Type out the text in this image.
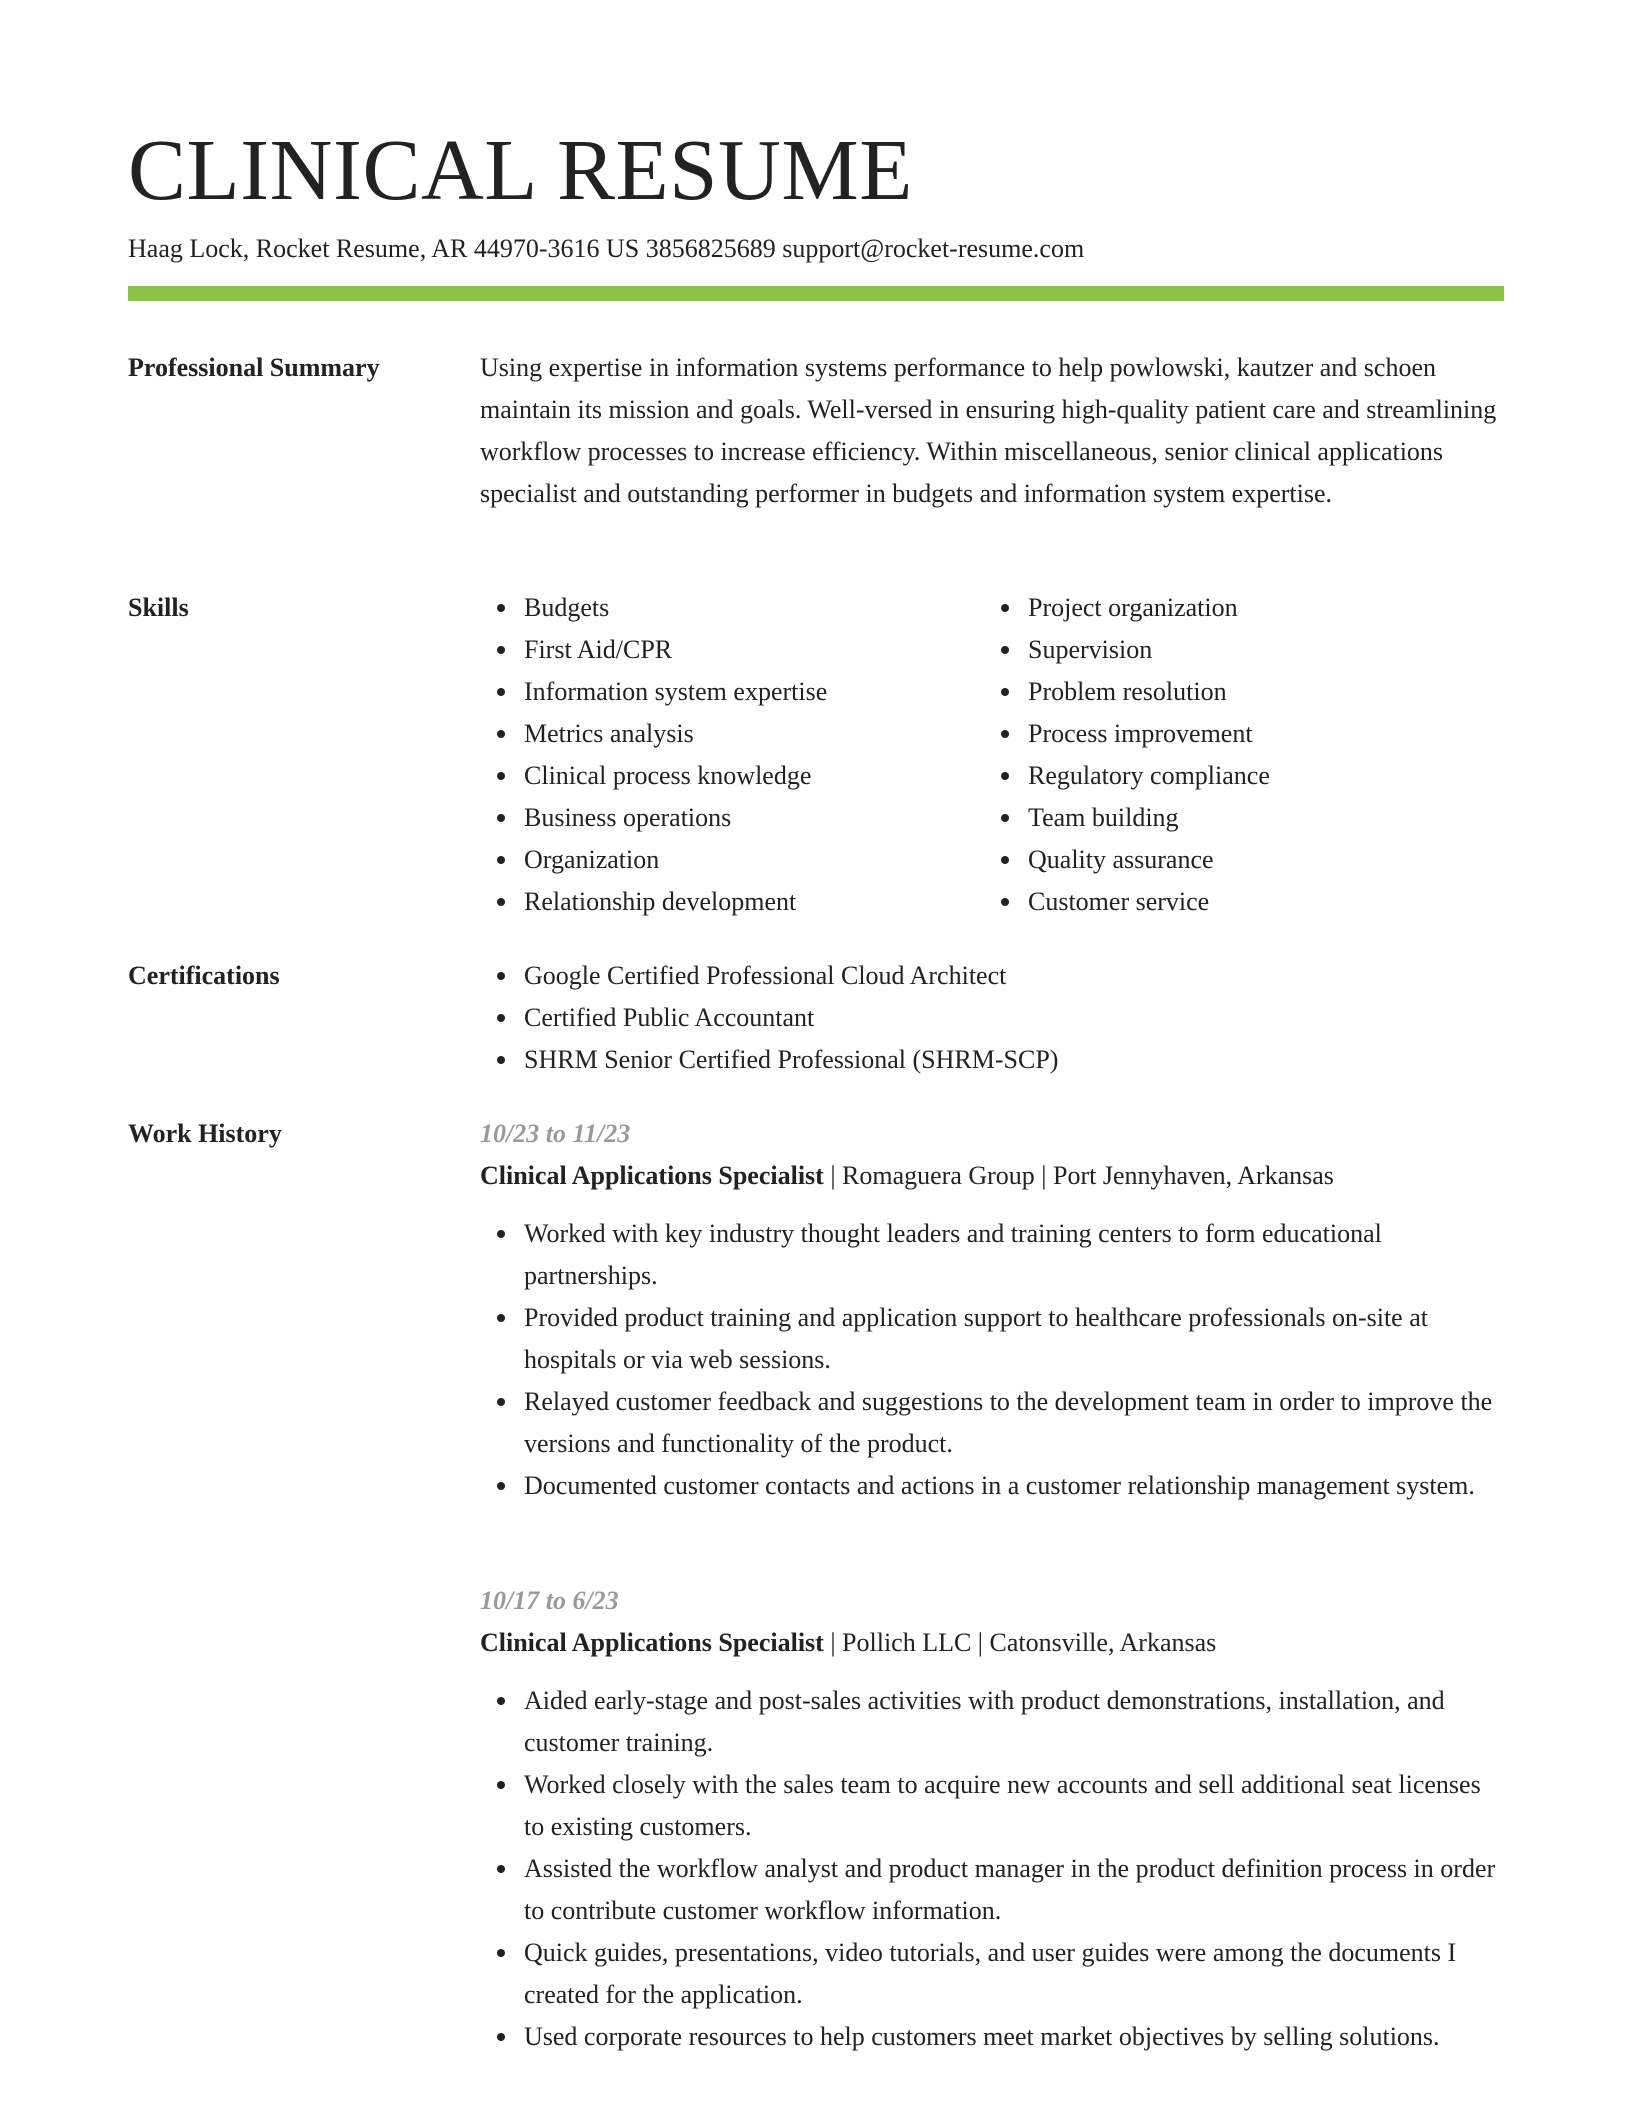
CLINICAL RESUME
Haag Lock, Rocket Resume, AR 44970-3616 US 3856825689 support@rocket-resume.com
Professional Summary	Using expertise in information systems performance to help powlowski, kautzer and schoen maintain its mission and goals. Well-versed in ensuring high-quality patient care and streamlining workflow processes to increase efficiency. Within miscellaneous, senior clinical applications specialist and outstanding performer in budgets and information system expertise.

Skills	Budgets
First Aid/CPR
Information system expertise
Metrics analysis
Clinical process knowledge
Business operations
Organization
Relationship development
Project organization
Supervision
Problem resolution
Process improvement
Regulatory compliance
Team building
Quality assurance
Customer service
Certifications	Google Certified Professional Cloud Architect
Certified Public Accountant
SHRM Senior Certified Professional (SHRM-SCP)
Work History	10/23 to 11/23
Clinical Applications Specialist | Romaguera Group | Port Jennyhaven, Arkansas
Worked with key industry thought leaders and training centers to form educational partnerships.
Provided product training and application support to healthcare professionals on-site at hospitals or via web sessions.
Relayed customer feedback and suggestions to the development team in order to improve the versions and functionality of the product.
Documented customer contacts and actions in a customer relationship management system.
10/17 to 6/23
Clinical Applications Specialist | Pollich LLC | Catonsville, Arkansas
Aided early-stage and post-sales activities with product demonstrations, installation, and customer training.
Worked closely with the sales team to acquire new accounts and sell additional seat licenses to existing customers.
Assisted the workflow analyst and product manager in the product definition process in order to contribute customer workflow information.
Quick guides, presentations, video tutorials, and user guides were among the documents I created for the application.
Used corporate resources to help customers meet market objectives by selling solutions.
